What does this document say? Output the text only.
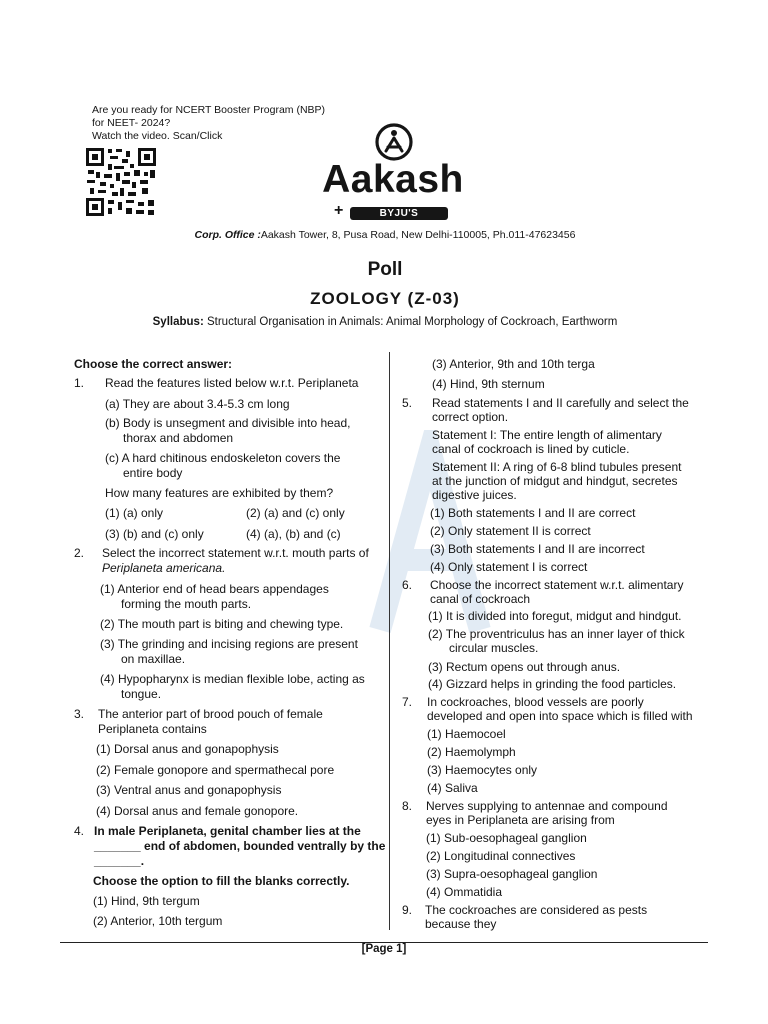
Are you ready for NCERT Booster Program (NBP)
for NEET- 2024?
Watch the video. Scan/Click
Aakash
+	BYJU'S
Corp. Office :Aakash Tower, 8, Pusa Road, New Delhi-110005, Ph.011-47623456
Poll
ZOOLOGY (Z-03)
Syllabus: Structural Organisation in Animals: Animal Morphology of Cockroach, Earthworm
Choose the correct answer:
1.	Read the features listed below w.r.t. Periplaneta
(a) They are about 3.4-5.3 cm long
(b) Body is unsegment and divisible into head,
thorax and abdomen
(c) A hard chitinous endoskeleton covers the
entire body
How many features are exhibited by them?
(1) (a) only	(2) (a) and (c) only
(3) (b) and (c) only	(4) (a), (b) and (c)
2.	Select the incorrect statement w.r.t. mouth parts of
Periplaneta americana.
(1) Anterior end of head bears appendages
forming the mouth parts.
(2) The mouth part is biting and chewing type.
(3) The grinding and incising regions are present
on maxillae.
(4) Hypopharynx is median flexible lobe, acting as
tongue.
3.	The anterior part of brood pouch of female
Periplaneta contains
(1) Dorsal anus and gonapophysis
(2) Female gonopore and spermathecal pore
(3) Ventral anus and gonapophysis
(4) Dorsal anus and female gonopore.
4. In male Periplaneta, genital chamber lies at the
_______ end of abdomen, bounded ventrally by the
_______.
Choose the option to fill the blanks correctly.
(1) Hind, 9th tergum
(2) Anterior, 10th tergum
(3) Anterior, 9th and 10th terga
(4) Hind, 9th sternum
5.	Read statements I and II carefully and select the
correct option.
Statement I: The entire length of alimentary
canal of cockroach is lined by cuticle.
Statement II: A ring of 6-8 blind tubules present
at the junction of midgut and hindgut, secretes
digestive juices.
(1) Both statements I and II are correct
(2) Only statement II is correct
(3) Both statements I and II are incorrect
(4) Only statement I is correct
6.	Choose the incorrect statement w.r.t. alimentary
canal of cockroach
(1) It is divided into foregut, midgut and hindgut.
(2) The proventriculus has an inner layer of thick
circular muscles.
(3) Rectum opens out through anus.
(4) Gizzard helps in grinding the food particles.
7.	In cockroaches, blood vessels are poorly
developed and open into space which is filled with
(1) Haemocoel
(2) Haemolymph
(3) Haemocytes only
(4) Saliva
8.	Nerves supplying to antennae and compound
eyes in Periplaneta are arising from
(1) Sub-oesophageal ganglion
(2) Longitudinal connectives
(3) Supra-oesophageal ganglion
(4) Ommatidia
9.	The cockroaches are considered as pests
because they
[Page 1]
